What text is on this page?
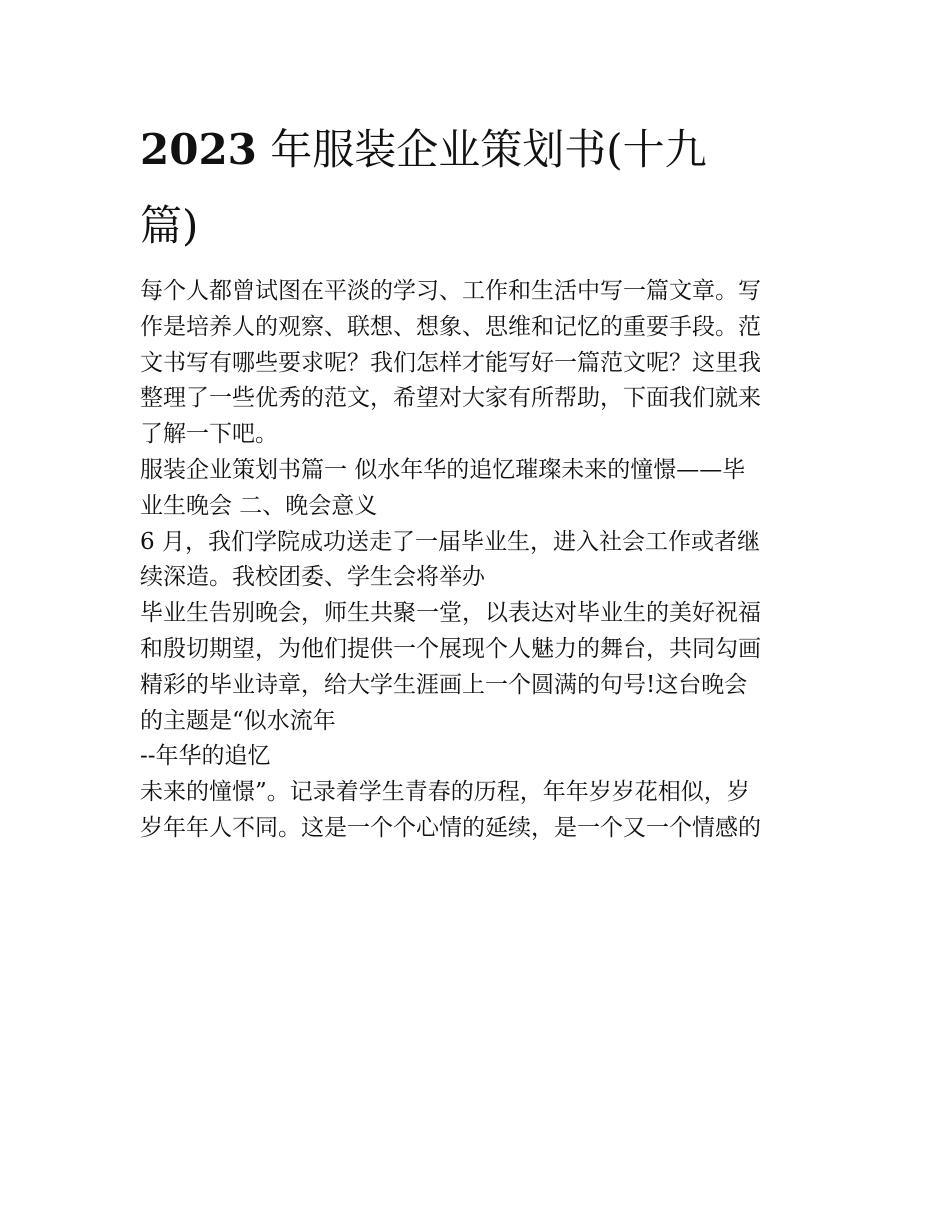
2023 年服装企业策划书(十九
篇)
每个人都曾试图在平淡的学习、工作和生活中写一篇文章。写
作是培养人的观察、联想、想象、思维和记忆的重要手段。范
文书写有哪些要求呢？我们怎样才能写好一篇范文呢？这里我
整理了一些优秀的范文，希望对大家有所帮助，下面我们就来
了解一下吧。
服装企业策划书篇一 似水年华的追忆璀璨未来的憧憬——毕
业生晚会 二、晚会意义
6 月，我们学院成功送走了一届毕业生，进入社会工作或者继
续深造。我校团委、学生会将举办
毕业生告别晚会，师生共聚一堂，以表达对毕业生的美好祝福
和殷切期望，为他们提供一个展现个人魅力的舞台，共同勾画
精彩的毕业诗章，给大学生涯画上一个圆满的句号!这台晚会
的主题是“似水流年
--年华的追忆
未来的憧憬”。记录着学生青春的历程，年年岁岁花相似，岁
岁年年人不同。这是一个个心情的延续，是一个又一个情感的
